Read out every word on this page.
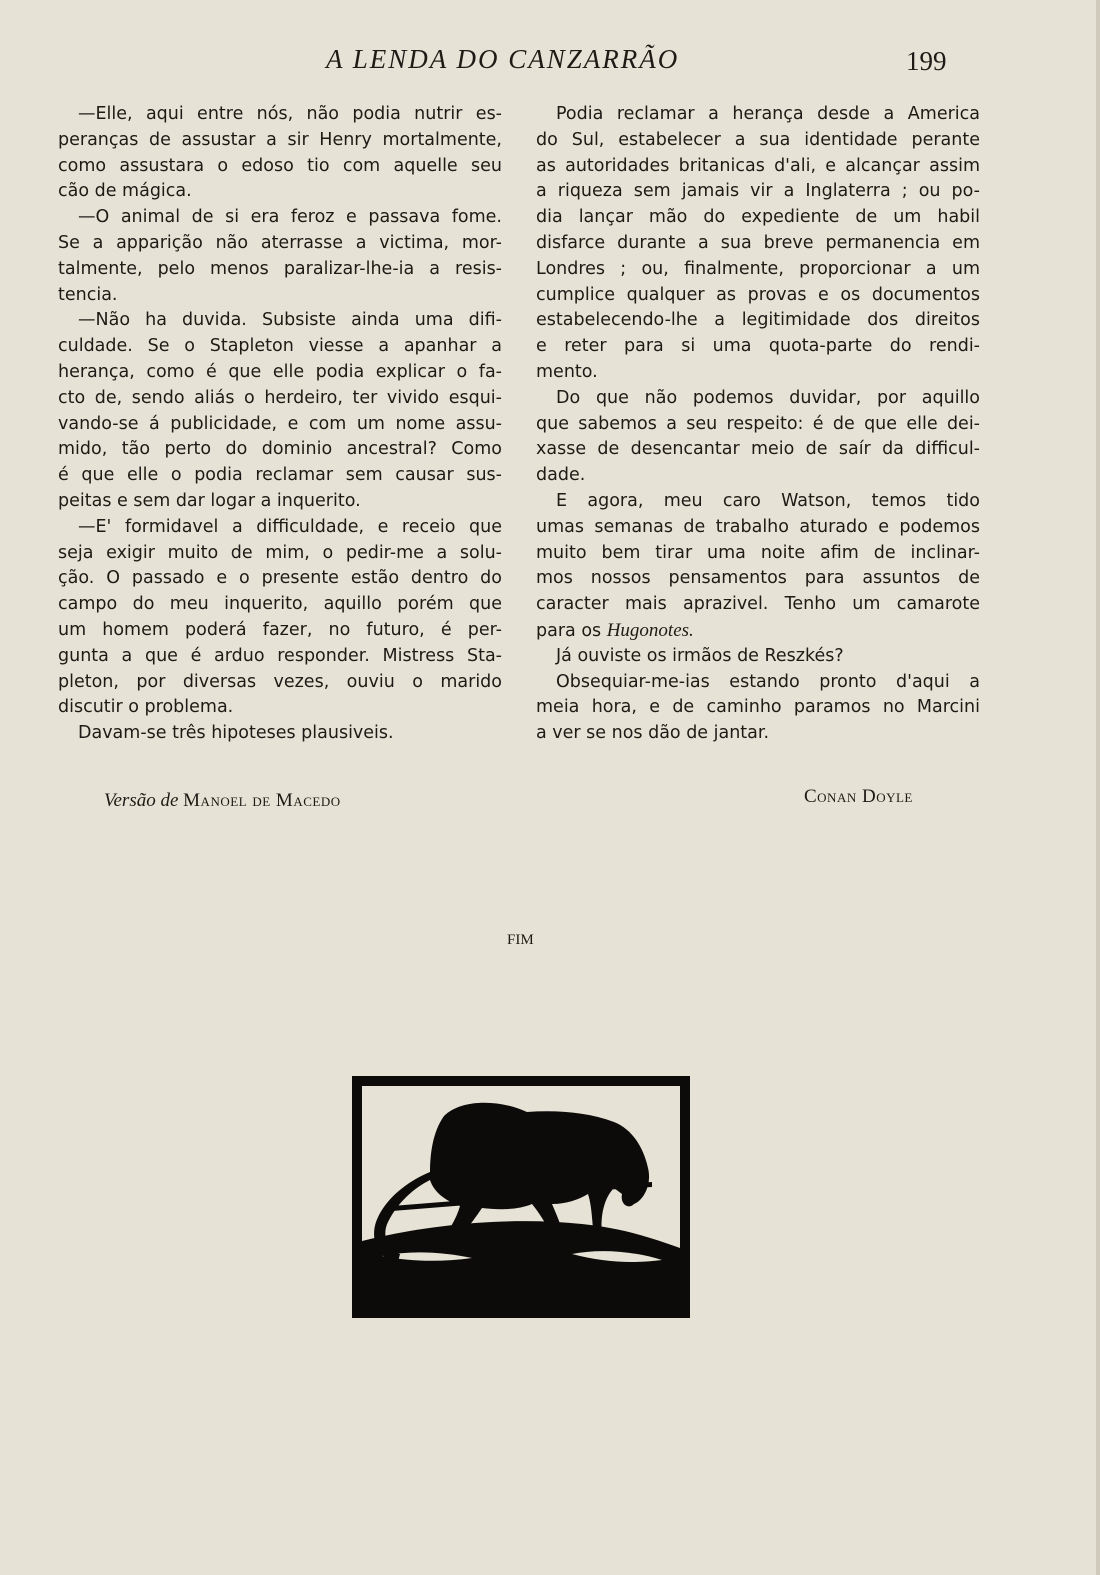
A LENDA DO CANZARRÃO	199
—Elle, aqui entre nós, não podia nutrir es-
peranças de assustar a sir Henry mortalmente,
como assustara o edoso tio com aquelle seu
cão de mágica.
—O animal de si era feroz e passava fome.
Se a apparição não aterrasse a victima, mor-
talmente, pelo menos paralizar-lhe-ia a resis-
tencia.
—Não ha duvida. Subsiste ainda uma difi-
culdade. Se o Stapleton viesse a apanhar a
herança, como é que elle podia explicar o fa-
cto de, sendo aliás o herdeiro, ter vivido esqui-
vando-se á publicidade, e com um nome assu-
mido, tão perto do dominio ancestral? Como
é que elle o podia reclamar sem causar sus-
peitas e sem dar logar a inquerito.
—E' formidavel a difficuldade, e receio que
seja exigir muito de mim, o pedir-me a solu-
ção. O passado e o presente estão dentro do
campo do meu inquerito, aquillo porém que
um homem poderá fazer, no futuro, é per-
gunta a que é arduo responder. Mistress Sta-
pleton, por diversas vezes, ouviu o marido
discutir o problema.
Davam-se três hipoteses plausiveis.
Podia reclamar a herança desde a America
do Sul, estabelecer a sua identidade perante
as autoridades britanicas d'ali, e alcançar assim
a riqueza sem jamais vir a Inglaterra ; ou po-
dia lançar mão do expediente de um habil
disfarce durante a sua breve permanencia em
Londres ; ou, finalmente, proporcionar a um
cumplice qualquer as provas e os documentos
estabelecendo-lhe a legitimidade dos direitos
e reter para si uma quota-parte do rendi-
mento.
Do que não podemos duvidar, por aquillo
que sabemos a seu respeito: é de que elle dei-
xasse de desencantar meio de saír da difficul-
dade.
E agora, meu caro Watson, temos tido
umas semanas de trabalho aturado e podemos
muito bem tirar uma noite afim de inclinar-
mos nossos pensamentos para assuntos de
caracter mais aprazivel. Tenho um camarote
para os Hugonotes.
Já ouviste os irmãos de Reszkés?
Obsequiar-me-ias estando pronto d'aqui a
meia hora, e de caminho paramos no Marcini
a ver se nos dão de jantar.
Versão de Manoel de Macedo	Conan Doyle
FIM
